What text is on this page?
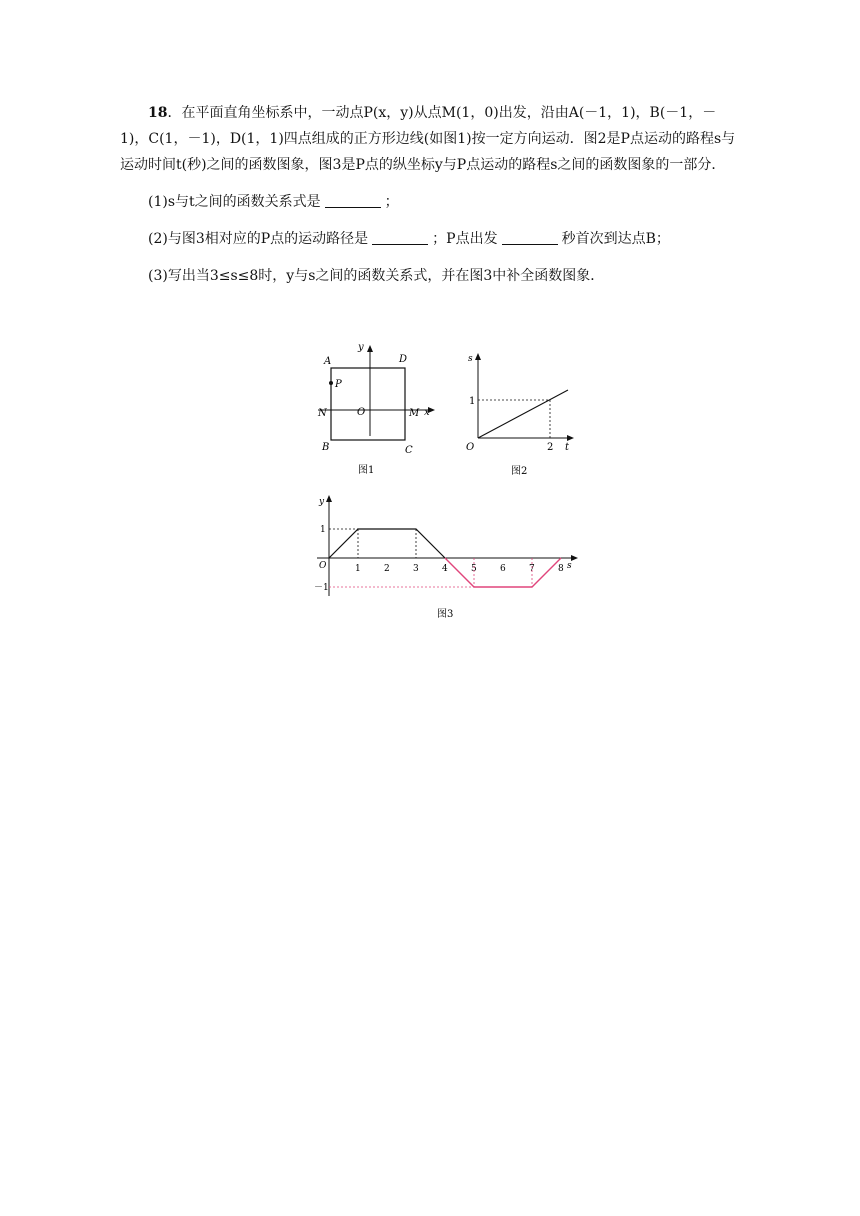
18．在平面直角坐标系中，一动点P(x，y)从点M(1，0)出发，沿由A(－1，1)，B(－1，－1)，C(1，－1)，D(1，1)四点组成的正方形边线(如图1)按一定方向运动．图2是P点运动的路程s与运动时间t(秒)之间的函数图象，图3是P点的纵坐标y与P点运动的路程s之间的函数图象的一部分．

(1)s与t之间的函数关系式是	；

(2)与图3相对应的P点的运动路径是	；P点出发	秒首次到达点B；

(3)写出当3≤s≤8时，y与s之间的函数关系式，并在图3中补全函数图象．

A	D
P
N	O	M x
y
B	C
图1
s
1
O	2 t
图2
y
s
O
1
－1
图3
1	2	3	4	5	6	7	8
